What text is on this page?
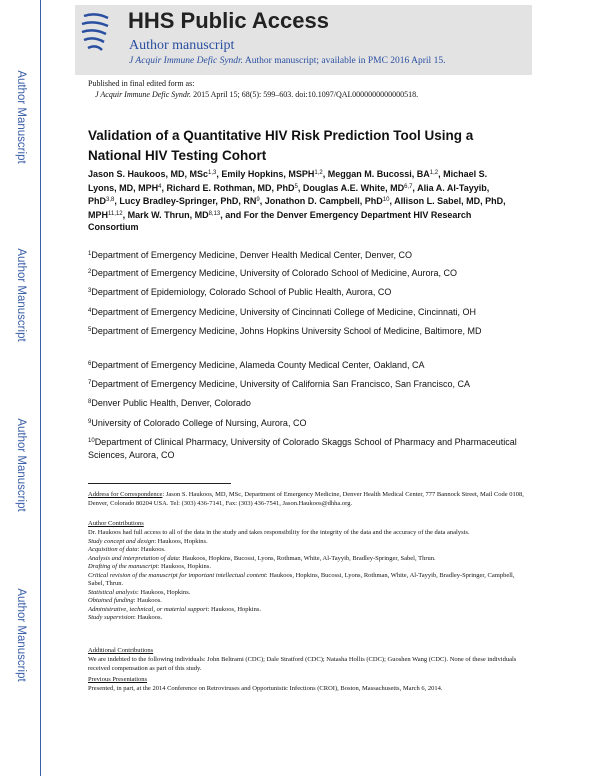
Author Manuscript
Author Manuscript
Author Manuscript
Author Manuscript
HHS Public Access
Author manuscript
J Acquir Immune Defic Syndr. Author manuscript; available in PMC 2016 April 15.
Published in final edited form as:
J Acquir Immune Defic Syndr. 2015 April 15; 68(5): 599–603. doi:10.1097/QAI.0000000000000518.
Validation of a Quantitative HIV Risk Prediction Tool Using a National HIV Testing Cohort
Jason S. Haukoos, MD, MSc$^{1,3}$, Emily Hopkins, MSPH$^{1,2}$, Meggan M. Bucossi, BA$^{1,2}$, Michael S. Lyons, MD, MPH$^4$, Richard E. Rothman, MD, PhD$^5$, Douglas A.E. White, MD$^{6,7}$, Alia A. Al-Tayyib, PhD$^{3,8}$, Lucy Bradley-Springer, PhD, $RN^9$, Jonathon D. Campbell, PhD$^{10}$, Allison L. Sabel, MD, PhD, MPH$^{11,12}$, Mark W. Thrun, MD$^{8,13}$, and For the Denver Emergency Department HIV Research Consortium
$^1$Department of Emergency Medicine, Denver Health Medical Center, Denver, CO
$^2$Department of Emergency Medicine, University of Colorado School of Medicine, Aurora, CO
$^3$Department of Epidemiology, Colorado School of Public Health, Aurora, CO
$^4$Department of Emergency Medicine, University of Cincinnati College of Medicine, Cincinnati, OH
$^5$Department of Emergency Medicine, Johns Hopkins University School of Medicine, Baltimore, MD
$^6$Department of Emergency Medicine, Alameda County Medical Center, Oakland, CA
$^7$Department of Emergency Medicine, University of California San Francisco, San Francisco, CA
$^8$Denver Public Health, Denver, Colorado
$^9$University of Colorado College of Nursing, Aurora, CO
$^{10}$Department of Clinical Pharmacy, University of Colorado Skaggs School of Pharmacy and Pharmaceutical Sciences, Aurora, CO
Address for Correspondence: Jason S. Haukoos, MD, MSc, Department of Emergency Medicine, Denver Health Medical Center, 777 Bannock Street, Mail Code 0108, Denver, Colorado 80204 USA. Tel: (303) 436-7141, Fax: (303) 436-7541, Jason.Haukoos@dhha.org.
Author Contributions
Dr. Haukoos had full access to all of the data in the study and takes responsibility for the integrity of the data and the accuracy of the data analysis.
Study concept and design: Haukoos, Hopkins.
Acquisition of data: Haukoos.
Analysis and interpretation of data: Haukoos, Hopkins, Bucossi, Lyons, Rothman, White, Al-Tayyib, Bradley-Springer, Sabel, Thrun.
Drafting of the manuscript: Haukoos, Hopkins.
Critical revision of the manuscript for important intellectual content: Haukoos, Hopkins, Bucossi, Lyons, Rothman, White, Al-Tayyib, Bradley-Springer, Campbell, Sabel, Thrun.
Statistical analysis: Haukoos, Hopkins.
Obtained funding: Haukoos.
Administrative, technical, or material support: Haukoos, Hopkins.
Study supervision: Haukoos.
Additional Contributions
We are indebted to the following individuals: John Beltrami (CDC); Dale Stratford (CDC); Natasha Hollis (CDC); Guoshen Wang (CDC). None of these individuals received compensation as part of this study.
Previous Presentations
Presented, in part, at the 2014 Conference on Retroviruses and Opportunistic Infections (CROI), Boston, Massachusetts, March 6, 2014.
